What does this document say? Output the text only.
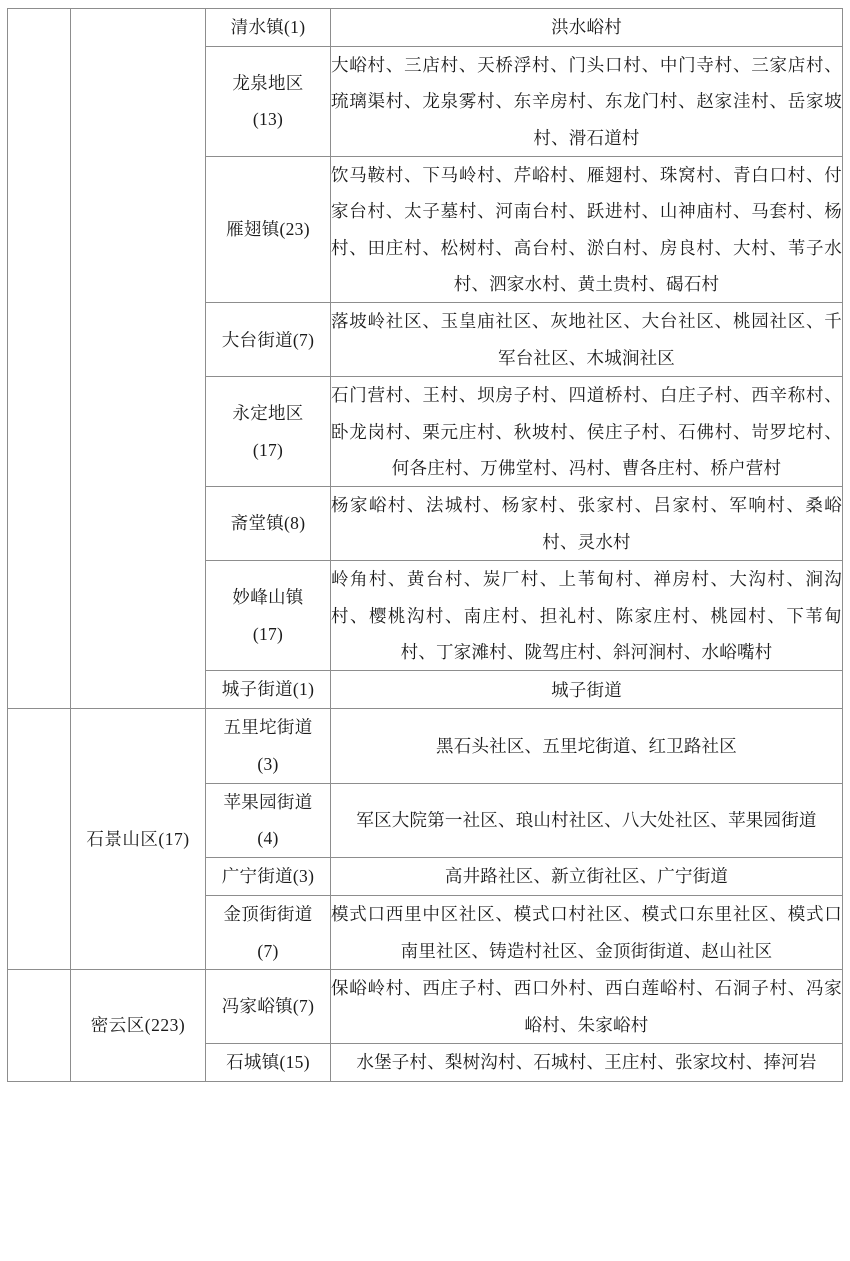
		清水镇(1)	洪水峪村

		龙泉地区
(13)	大峪村、三店村、天桥浮村、门头口村、中门寺村、三家店村、琉璃渠村、龙泉雾村、东辛房村、东龙门村、赵家洼村、岳家坡村、滑石道村

		雁翅镇(23)	饮马鞍村、下马岭村、芹峪村、雁翅村、珠窝村、青白口村、付家台村、太子墓村、河南台村、跃进村、山神庙村、马套村、杨村、田庄村、松树村、高台村、淤白村、房良村、大村、苇子水村、泗家水村、黄土贵村、碣石村

		大台街道(7)	落坡岭社区、玉皇庙社区、灰地社区、大台社区、桃园社区、千军台社区、木城涧社区

		永定地区
(17)	石门营村、王村、坝房子村、四道桥村、白庄子村、西辛称村、卧龙岗村、栗元庄村、秋坡村、侯庄子村、石佛村、岢罗坨村、何各庄村、万佛堂村、冯村、曹各庄村、桥户营村

		斋堂镇(8)	杨家峪村、法城村、杨家村、张家村、吕家村、军响村、桑峪村、灵水村

		妙峰山镇
(17)	岭角村、黄台村、炭厂村、上苇甸村、禅房村、大沟村、涧沟村、樱桃沟村、南庄村、担礼村、陈家庄村、桃园村、下苇甸村、丁家滩村、陇驾庄村、斜河涧村、水峪嘴村

		城子街道(1)	城子街道
	石景山区(17)	五里坨街道
(3)	黑石头社区、五里坨街道、红卫路社区

		苹果园街道
(4)	军区大院第一社区、琅山村社区、八大处社区、苹果园街道

		广宁街道(3)	高井路社区、新立街社区、广宁街道

		金顶街街道
(7)	模式口西里中区社区、模式口村社区、模式口东里社区、模式口南里社区、铸造村社区、金顶街街道、赵山社区
	密云区(223)	冯家峪镇(7)	保峪岭村、西庄子村、西口外村、西白莲峪村、石洞子村、冯家峪村、朱家峪村

		石城镇(15)	水堡子村、梨树沟村、石城村、王庄村、张家坟村、捧河岩
